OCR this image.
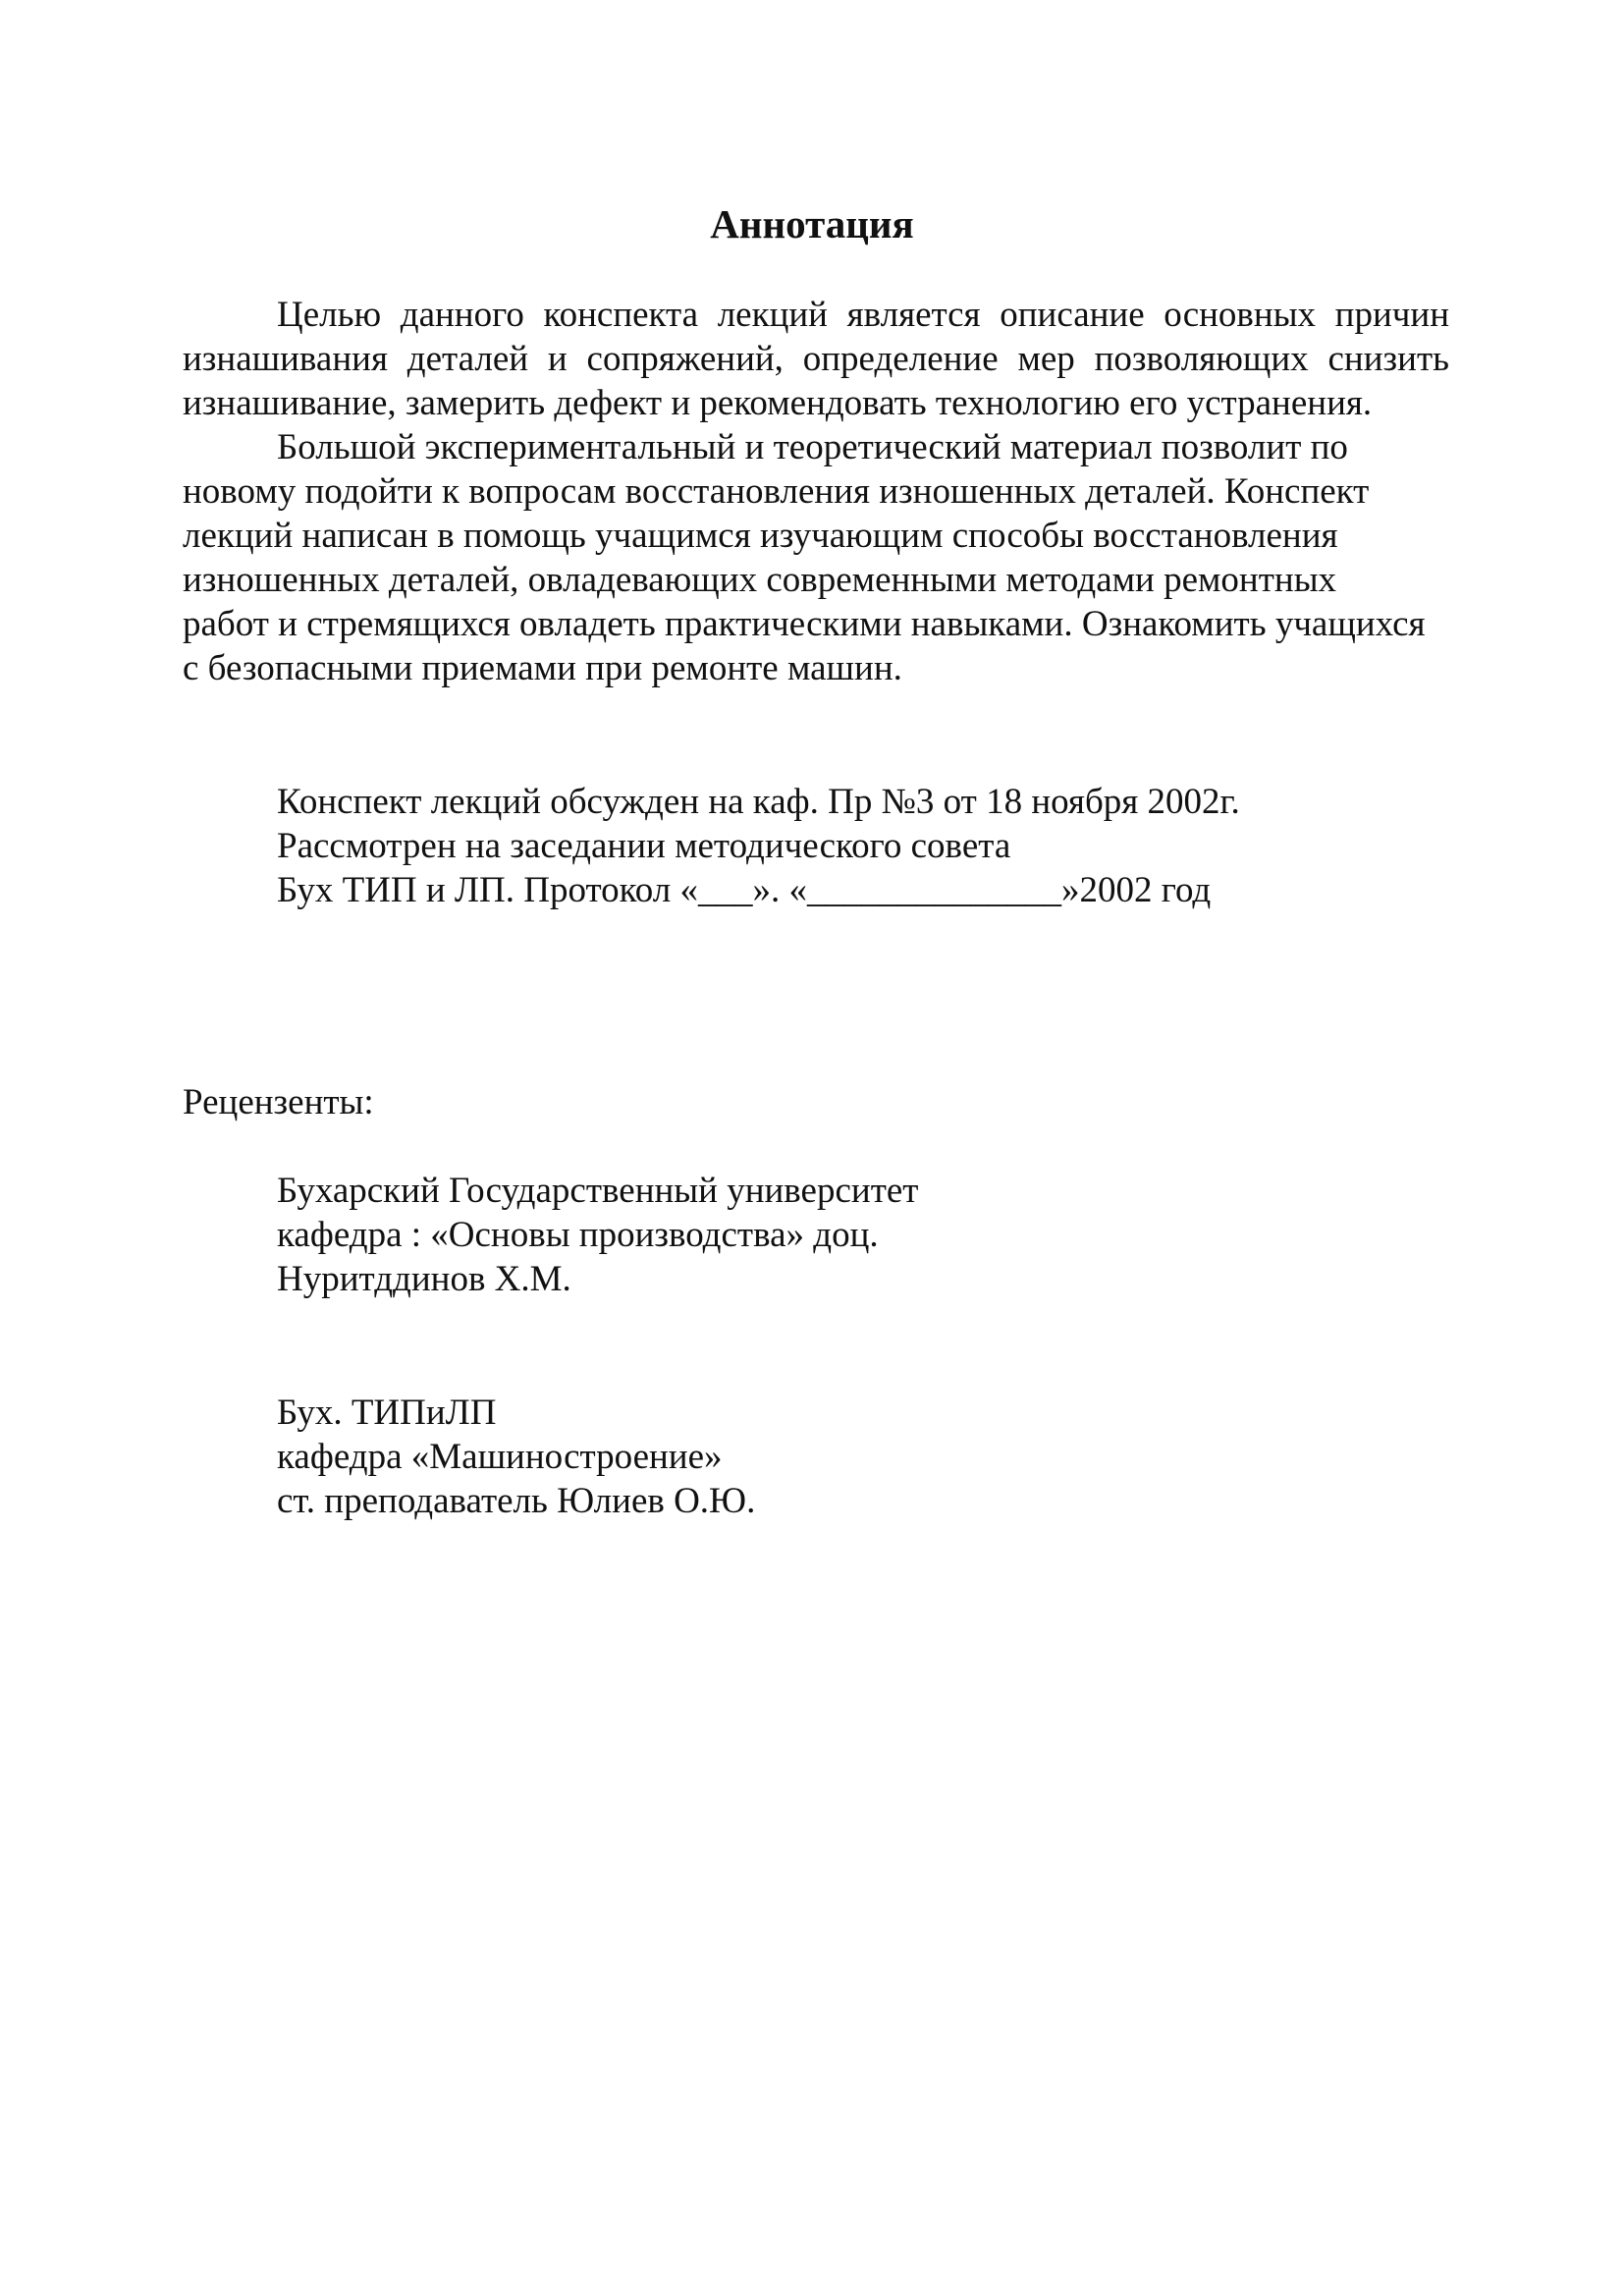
Аннотация
Целью данного конспекта лекций является описание основных причин
изнашивания деталей и сопряжений, определение мер позволяющих снизить
изнашивание, замерить дефект и рекомендовать технологию его устранения.
Большой экспериментальный и теоретический материал позволит по
новому подойти к вопросам восстановления изношенных деталей. Конспект
лекций написан в помощь учащимся изучающим способы восстановления
изношенных деталей, овладевающих современными методами ремонтных
работ и стремящихся овладеть практическими навыками. Ознакомить учащихся
с безопасными приемами при ремонте машин.
Конспект лекций обсужден на каф. Пр №3 от 18 ноября 2002г.
Рассмотрен на заседании методического совета
Бух ТИП и ЛП. Протокол «___». «______________»2002 год
Рецензенты:
Бухарский Государственный университет
кафедра : «Основы производства» доц.
Нуритддинов Х.М.
Бух. ТИПиЛП
кафедра «Машиностроение»
ст. преподаватель Юлиев О.Ю.
